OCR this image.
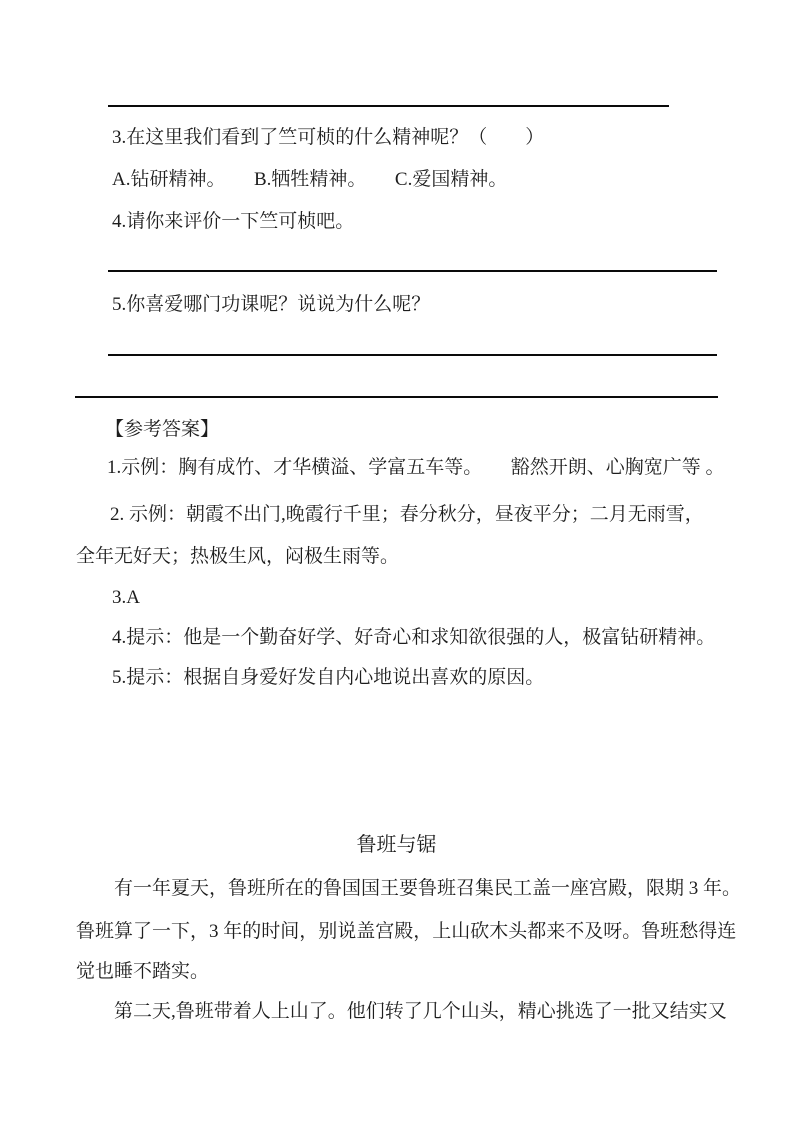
3.在这里我们看到了竺可桢的什么精神呢？（　　）
A.钻研精神。　　B.牺牲精神。　　C.爱国精神。
4.请你来评价一下竺可桢吧。
5.你喜爱哪门功课呢？说说为什么呢？
【参考答案】
1.示例：胸有成竹、才华横溢、学富五车等。　　豁然开朗、心胸宽广等 。
2. 示例：朝霞不出门,晚霞行千里；春分秋分，昼夜平分；二月无雨雪，
全年无好天；热极生风，闷极生雨等。
3.A
4.提示：他是一个勤奋好学、好奇心和求知欲很强的人，极富钻研精神。
5.提示：根据自身爱好发自内心地说出喜欢的原因。
鲁班与锯
有一年夏天，鲁班所在的鲁国国王要鲁班召集民工盖一座宫殿，限期 3 年。
鲁班算了一下，3 年的时间，别说盖宫殿，上山砍木头都来不及呀。鲁班愁得连
觉也睡不踏实。
第二天,鲁班带着人上山了。他们转了几个山头，精心挑选了一批又结实又
